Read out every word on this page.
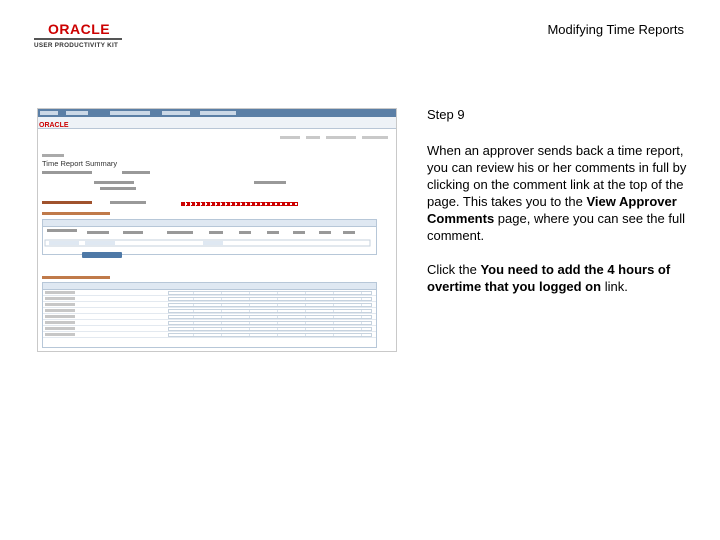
ORACLE
USER PRODUCTIVITY KIT
Modifying Time Reports
ORACLE
Time Report Summary
Step 9
When an approver sends back a time report, you can review his or her comments in full by clicking on the comment link at the top of the page. This takes you to the View Approver Comments page, where you can see the full comment.
Click the You need to add the 4 hours of overtime that you logged on link.
